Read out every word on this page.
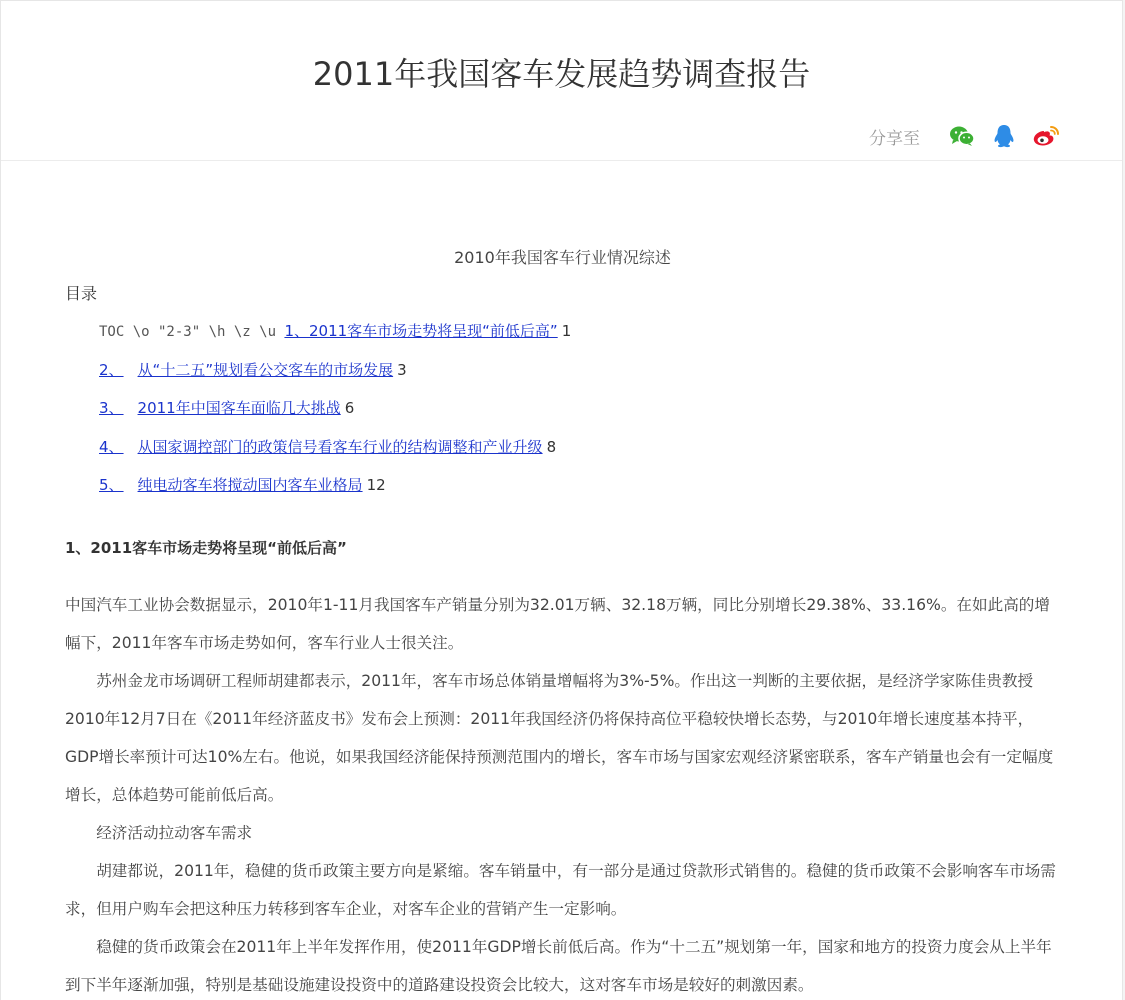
2011年我国客车发展趋势调查报告
分享至
2010年我国客车行业情况综述
目录
TOC \o "2-3" \h \z \u 1、2011客车市场走势将呈现“前低后高” 1
2、 从“十二五”规划看公交客车的市场发展 3
3、 2011年中国客车面临几大挑战 6
4、 从国家调控部门的政策信号看客车行业的结构调整和产业升级 8
5、 纯电动客车将搅动国内客车业格局 12
1、2011客车市场走势将呈现“前低后高”

中国汽车工业协会数据显示，2010年1-11月我国客车产销量分别为32.01万辆、32.18万辆，同比分别增长29.38%、33.16%。在如此高的增幅下，2011年客车市场走势如何，客车行业人士很关注。

苏州金龙市场调研工程师胡建都表示，2011年，客车市场总体销量增幅将为3%-5%。作出这一判断的主要依据，是经济学家陈佳贵教授2010年12月7日在《2011年经济蓝皮书》发布会上预测：2011年我国经济仍将保持高位平稳较快增长态势，与2010年增长速度基本持平，GDP增长率预计可达10%左右。他说，如果我国经济能保持预测范围内的增长，客车市场与国家宏观经济紧密联系，客车产销量也会有一定幅度增长，总体趋势可能前低后高。

经济活动拉动客车需求

胡建都说，2011年，稳健的货币政策主要方向是紧缩。客车销量中，有一部分是通过贷款形式销售的。稳健的货币政策不会影响客车市场需求，但用户购车会把这种压力转移到客车企业，对客车企业的营销产生一定影响。

稳健的货币政策会在2011年上半年发挥作用，使2011年GDP增长前低后高。作为“十二五”规划第一年，国家和地方的投资力度会从上半年到下半年逐渐加强，特别是基础设施建设投资中的道路建设投资会比较大，这对客车市场是较好的刺激因素。
